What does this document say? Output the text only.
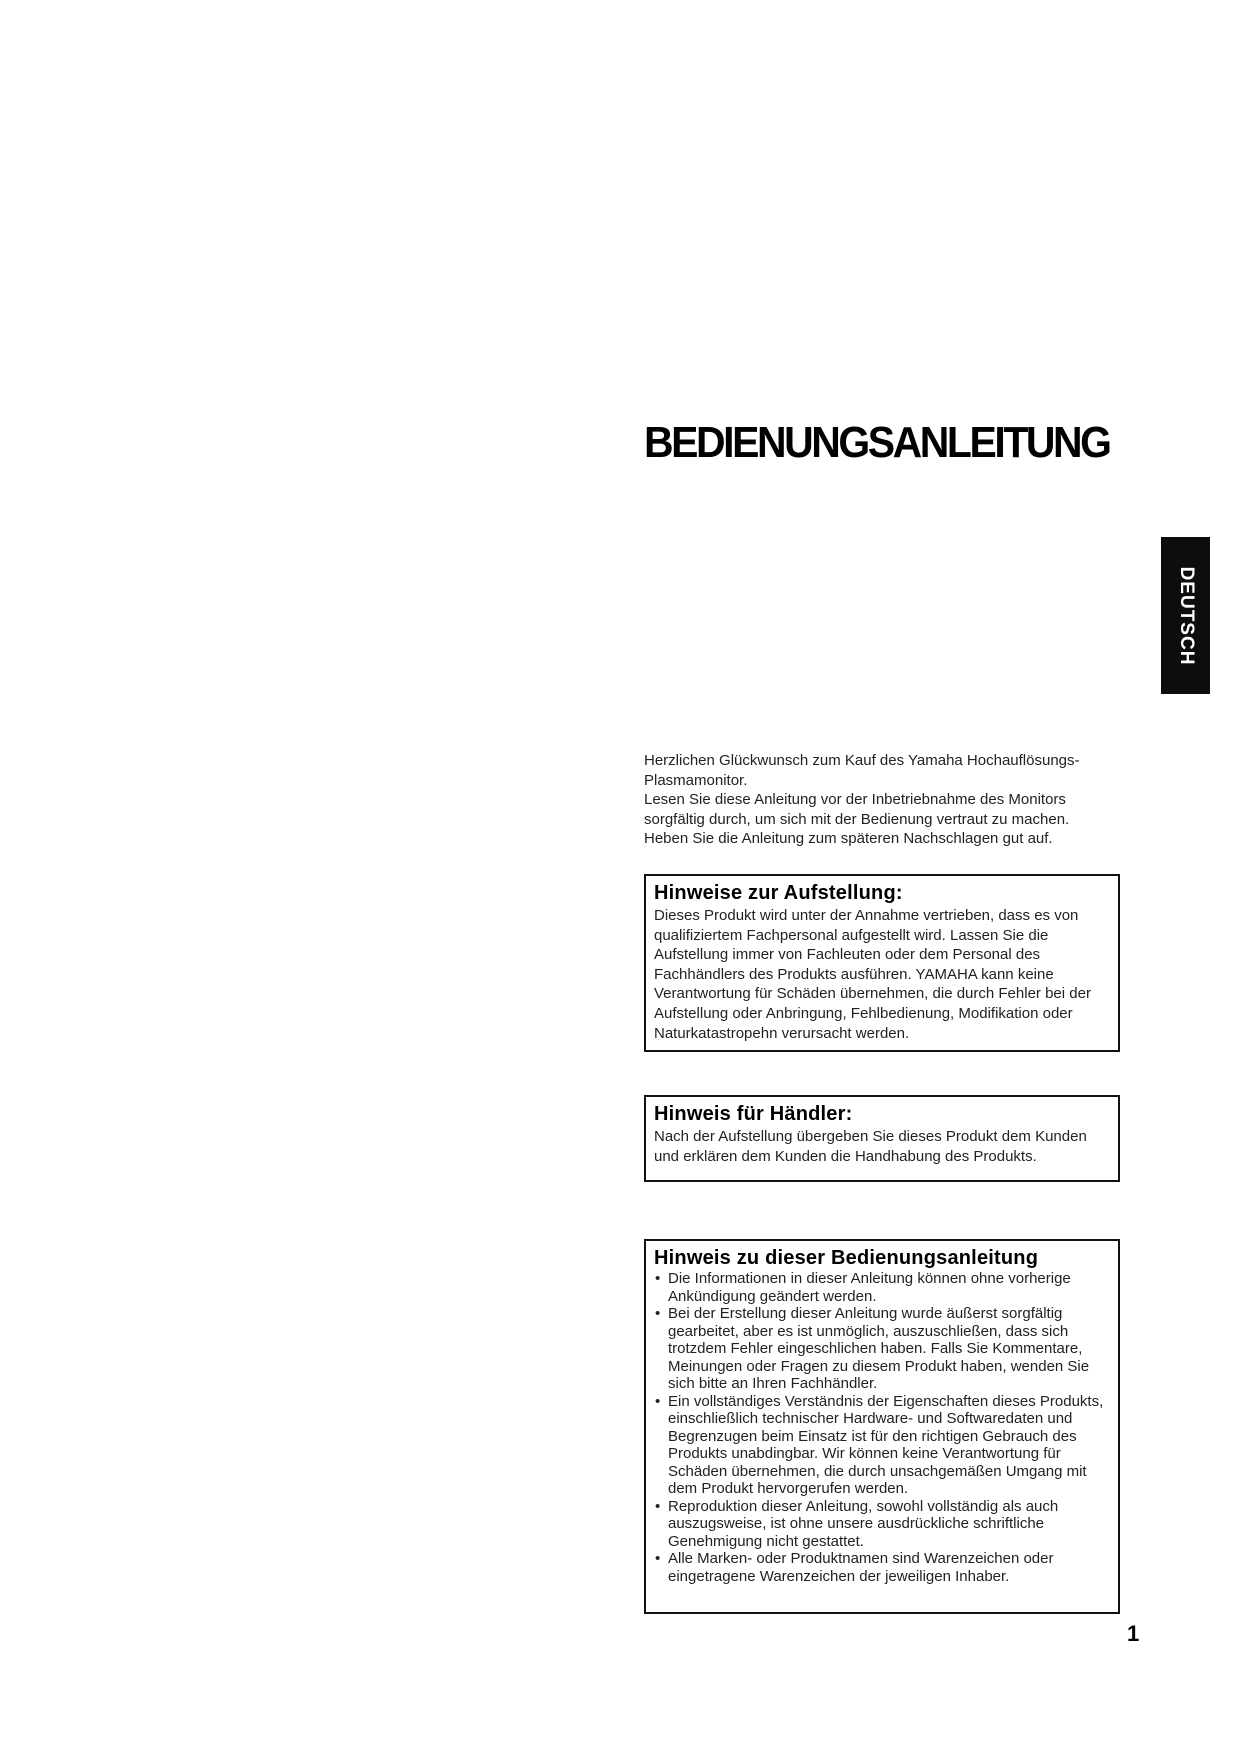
BEDIENUNGSANLEITUNG
DEUTSCH

Herzlichen Glückwunsch zum Kauf des Yamaha Hochauflösungs-Plasmamonitor.

Lesen Sie diese Anleitung vor der Inbetriebnahme des Monitors sorgfältig durch, um sich mit der Bedienung vertraut zu machen.

Heben Sie die Anleitung zum späteren Nachschlagen gut auf.

Hinweise zur Aufstellung:

Dieses Produkt wird unter der Annahme vertrieben, dass es von qualifiziertem Fachpersonal aufgestellt wird. Lassen Sie die Aufstellung immer von Fachleuten oder dem Personal des Fachhändlers des Produkts ausführen. YAMAHA kann keine Verantwortung für Schäden übernehmen, die durch Fehler bei der Aufstellung oder Anbringung, Fehlbedienung, Modifikation oder Naturkatastropehn verursacht werden.

Hinweis für Händler:

Nach der Aufstellung übergeben Sie dieses Produkt dem Kunden und erklären dem Kunden die Handhabung des Produkts.

Hinweis zu dieser Bedienungsanleitung
• Die Informationen in dieser Anleitung können ohne vorherige Ankündigung geändert werden.
• Bei der Erstellung dieser Anleitung wurde äußerst sorgfältig gearbeitet, aber es ist unmöglich, auszuschließen, dass sich trotzdem Fehler eingeschlichen haben. Falls Sie Kommentare, Meinungen oder Fragen zu diesem Produkt haben, wenden Sie sich bitte an Ihren Fachhändler.
• Ein vollständiges Verständnis der Eigenschaften dieses Produkts, einschließlich technischer Hardware- und Softwaredaten und Begrenzugen beim Einsatz ist für den richtigen Gebrauch des Produkts unabdingbar. Wir können keine Verantwortung für Schäden übernehmen, die durch unsachgemäßen Umgang mit dem Produkt hervorgerufen werden.
• Reproduktion dieser Anleitung, sowohl vollständig als auch auszugsweise, ist ohne unsere ausdrückliche schriftliche Genehmigung nicht gestattet.
• Alle Marken- oder Produktnamen sind Warenzeichen oder eingetragene Warenzeichen der jeweiligen Inhaber.
1
